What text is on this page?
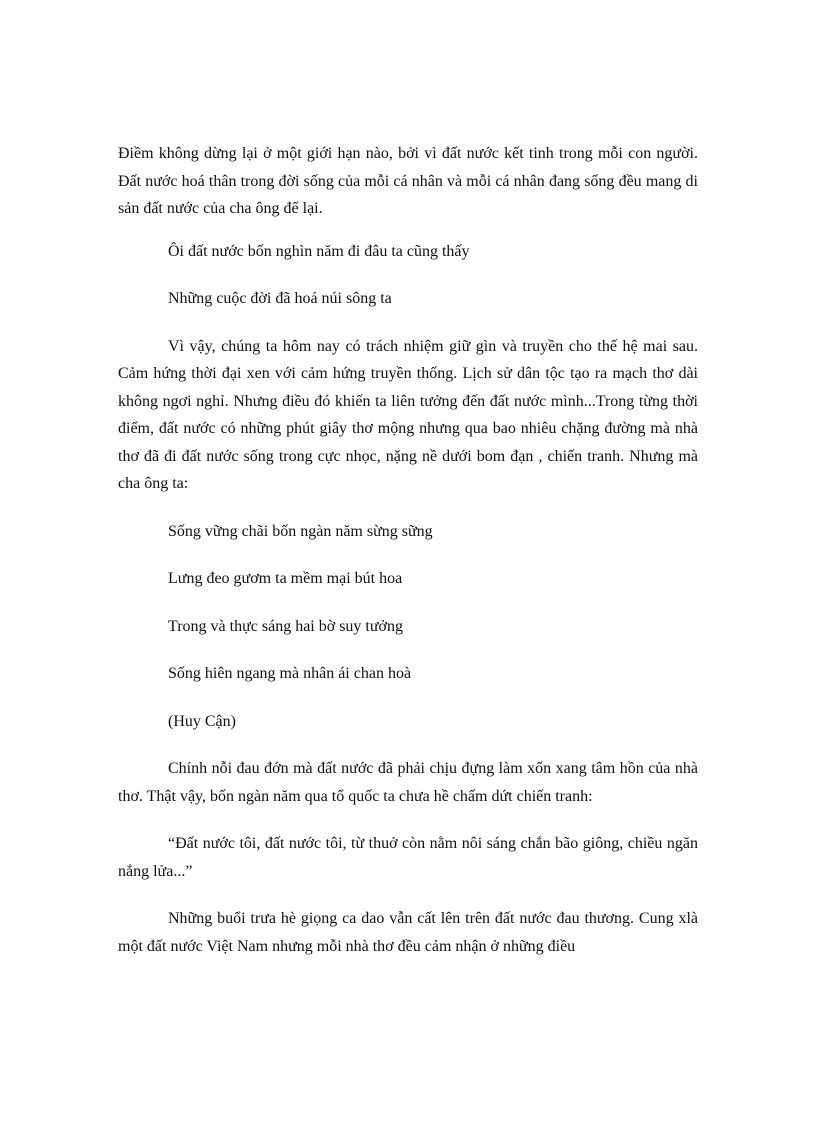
Điềm không dừng lại ở một giới hạn nào, bởi vì đất nước kết tinh trong mỗi con người. Đất nước hoá thân trong đời sống của mỗi cá nhân và mỗi cá nhân đang sống đều mang di sản đất nước của cha ông để lại.

Ôi đất nước bốn nghìn năm đi đâu ta cũng thấy

Những cuộc đời đã hoá núi sông ta

Vì vậy, chúng ta hôm nay có trách nhiệm giữ gìn và truyền cho thế hệ mai sau. Cảm hứng thời đại xen với cảm hứng truyền thống. Lịch sử dân tộc tạo ra mạch thơ dài không ngơi nghỉ. Nhưng điều đó khiến ta liên tưởng đến đất nước mình...Trong từng thời điểm, đất nước có những phút giây thơ mộng nhưng qua bao nhiêu chặng đường mà nhà thơ đã đi đất nước sống trong cực nhọc, nặng nề dưới bom đạn , chiến tranh. Nhưng mà cha ông ta:

Sống vững chãi bốn ngàn năm sừng sững

Lưng đeo gươm ta mềm mại bút hoa

Trong và thực sáng hai bờ suy tưởng

Sống hiên ngang mà nhân ái chan hoà

(Huy Cận)

Chính nỗi đau đớn mà đất nước đã phải chịu đựng làm xốn xang tâm hồn của nhà thơ. Thật vậy, bốn ngàn năm qua tổ quốc ta chưa hề chấm dứt chiến tranh:

“Đất nước tôi, đất nước tôi, từ thuở còn nằm nôi sáng chắn bão giông, chiều ngăn nắng lửa...”

Những buổi trưa hè giọng ca dao vẫn cất lên trên đất nước đau thương. Cung xlà một đất nước Việt Nam nhưng mỗi nhà thơ đều cảm nhận ở những điều
